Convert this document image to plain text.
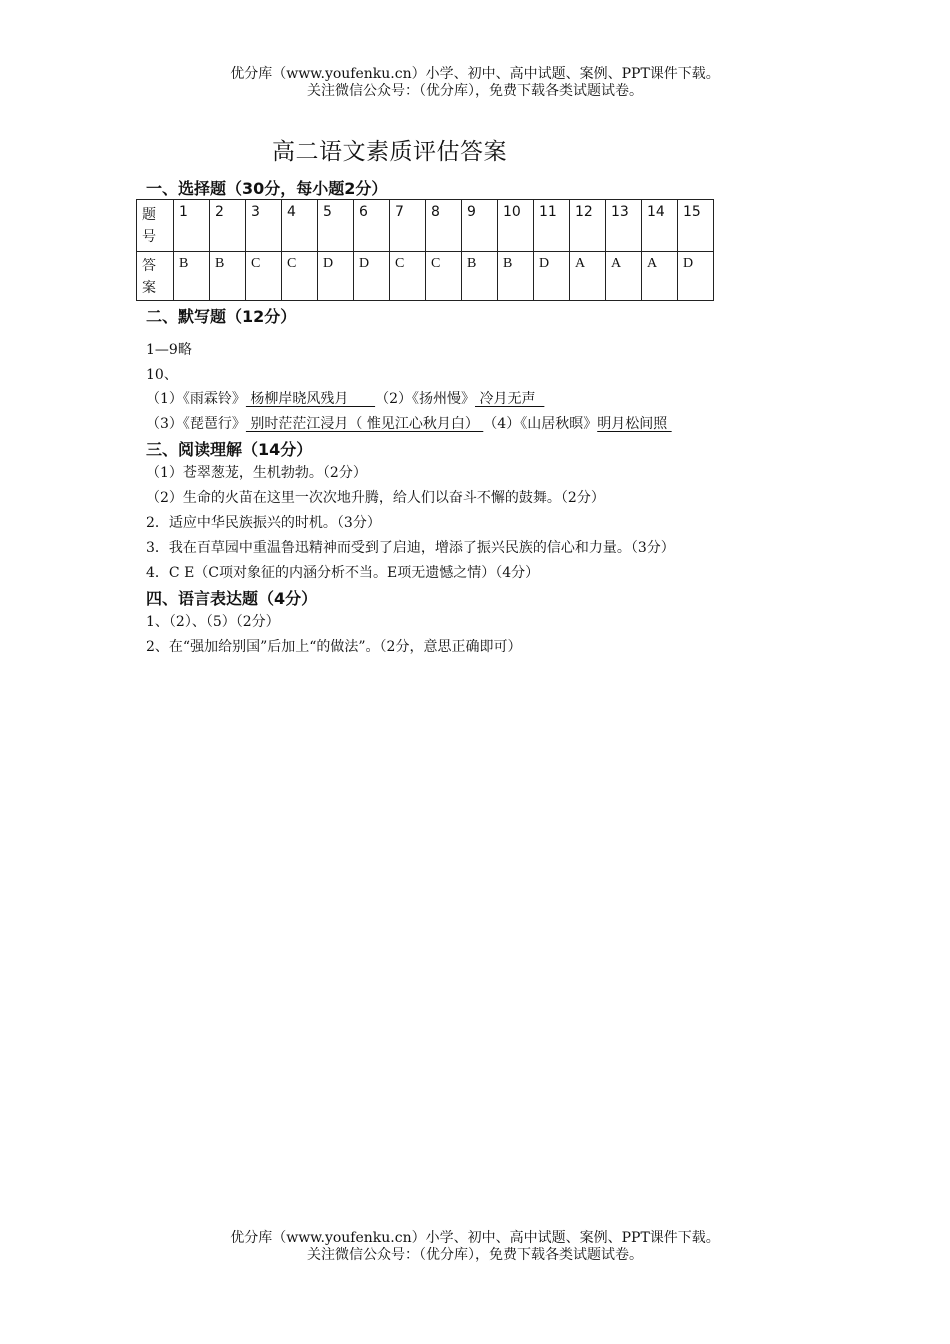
优分库（www.youfenku.cn）小学、初中、高中试题、案例、PPT课件下载。
关注微信公众号：（优分库），免费下载各类试题试卷。
高二语文素质评估答案
一、选择题（30分，每小题2分）
题
号	1	2	3	4	5	6	7	8	9	10	11	12	13	14	15
答
案	B	B	C	C	D	D	C	C	B	B	D	A	A	A	D
二、默写题（12分）
1—9略
10、
（1）《雨霖铃》 杨柳岸晓风残月      （2）《扬州慢》 冷月无声
（3）《琵琶行》 别时茫茫江浸月（ 惟见江心秋月白） （4）《山居秋暝》明月松间照
三、阅读理解（14分）
（1）苍翠葱茏，生机勃勃。（2分）
（2）生命的火苗在这里一次次地升腾，给人们以奋斗不懈的鼓舞。（2分）
2．适应中华民族振兴的时机。（3分）
3．我在百草园中重温鲁迅精神而受到了启迪，增添了振兴民族的信心和力量。（3分）
4．C E（C项对象征的内涵分析不当。E项无遗憾之情）（4分）
四、语言表达题（4分）
1、（2）、（5）（2分）
2、在“强加给别国”后加上“的做法”。（2分，意思正确即可）
优分库（www.youfenku.cn）小学、初中、高中试题、案例、PPT课件下载。
关注微信公众号：（优分库），免费下载各类试题试卷。
